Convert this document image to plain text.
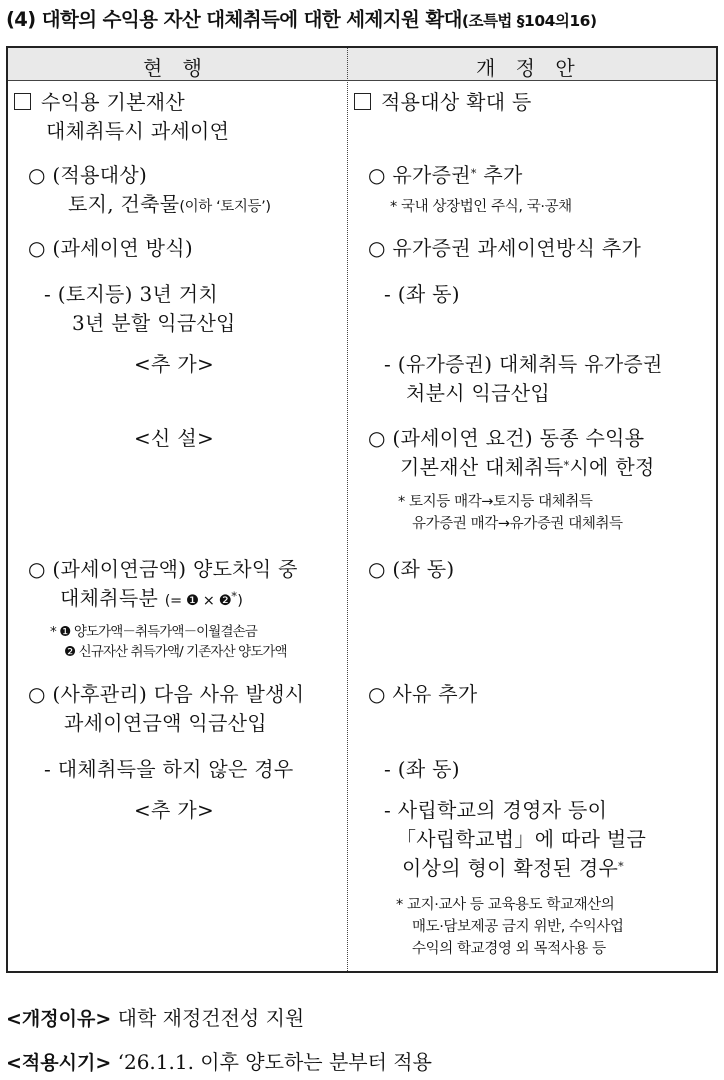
(4) 대학의 수익용 자산 대체취득에 대한 세제지원 확대(조특법 §104의16)
현 행	개 정 안
수익용 기본재산
대체취득시 과세이연
○ (적용대상)
토지, 건축물(이하 ‘토지등’)
○ (과세이연 방식)
- (토지등) 3년 거치
3년 분할 익금산입
<추 가>
<신 설>
○ (과세이연금액) 양도차익 중
대체취득분 (= ❶ × ❷*)
* ❶ 양도가액－취득가액－이월결손금
❷ 신규자산 취득가액/ 기존자산 양도가액
○ (사후관리) 다음 사유 발생시
과세이연금액 익금산입
- 대체취득을 하지 않은 경우
<추 가>
적용대상 확대 등
○ 유가증권* 추가
* 국내 상장법인 주식, 국·공채
○ 유가증권 과세이연방식 추가
- (좌 동)
- (유가증권) 대체취득 유가증권
처분시 익금산입
○ (과세이연 요건) 동종 수익용
기본재산 대체취득*시에 한정
* 토지등 매각→토지등 대체취득
유가증권 매각→유가증권 대체취득
○ (좌 동)
○ 사유 추가
- (좌 동)
- 사립학교의 경영자 등이
「사립학교법」에 따라 벌금
이상의 형이 확정된 경우*
* 교지·교사 등 교육용도 학교재산의
매도·담보제공 금지 위반, 수익사업
수익의 학교경영 외 목적사용 등
<개정이유> 대학 재정건전성 지원
<적용시기> ‘26.1.1. 이후 양도하는 분부터 적용
